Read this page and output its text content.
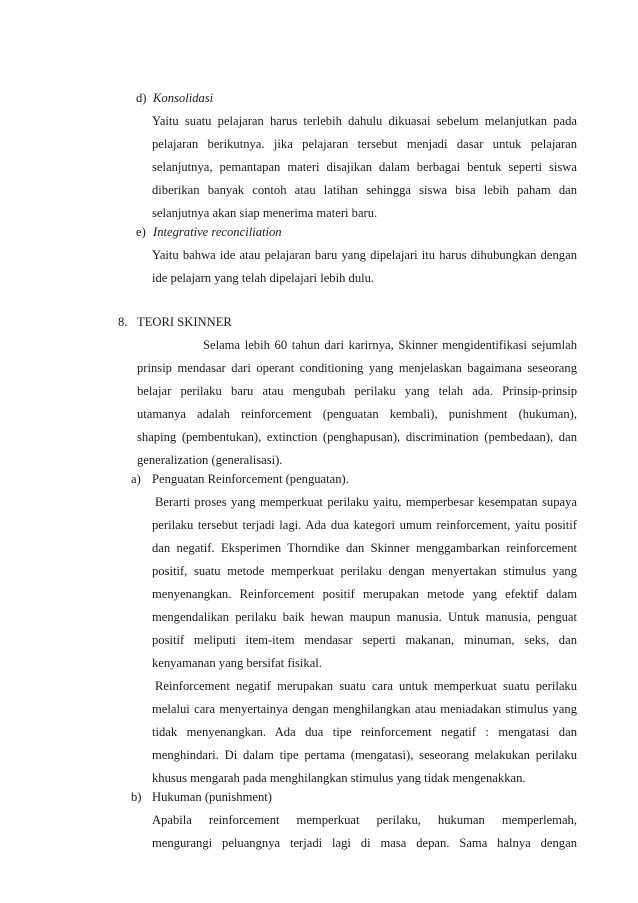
d) Konsolidasi
Yaitu suatu pelajaran harus terlebih dahulu dikuasai sebelum melanjutkan pada
pelajaran berikutnya. jika pelajaran tersebut menjadi dasar untuk pelajaran
selanjutnya, pemantapan materi disajikan dalam berbagai bentuk seperti siswa
diberikan banyak contoh atau latihan sehingga siswa bisa lebih paham dan
selanjutnya akan siap menerima materi baru.
e) Integrative reconciliation
Yaitu bahwa ide atau pelajaran baru yang dipelajari itu harus dihubungkan dengan
ide pelajarn yang telah dipelajari lebih dulu.
8. TEORI SKINNER
Selama lebih 60 tahun dari karirnya, Skinner mengidentifikasi sejumlah
prinsip mendasar dari operant conditioning yang menjelaskan bagaimana seseorang
belajar perilaku baru atau mengubah perilaku yang telah ada. Prinsip-prinsip
utamanya adalah reinforcement (penguatan kembali), punishment (hukuman),
shaping (pembentukan), extinction (penghapusan), discrimination (pembedaan), dan
generalization (generalisasi).
a) Penguatan Reinforcement (penguatan).
Berarti proses yang memperkuat perilaku yaitu, memperbesar kesempatan supaya
perilaku tersebut terjadi lagi. Ada dua kategori umum reinforcement, yaitu positif
dan negatif. Eksperimen Thorndike dan Skinner menggambarkan reinforcement
positif, suatu metode memperkuat perilaku dengan menyertakan stimulus yang
menyenangkan. Reinforcement positif merupakan metode yang efektif dalam
mengendalikan perilaku baik hewan maupun manusia. Untuk manusia, penguat
positif meliputi item-item mendasar seperti makanan, minuman, seks, dan
kenyamanan yang bersifat fisikal.
Reinforcement negatif merupakan suatu cara untuk memperkuat suatu perilaku
melalui cara menyertainya dengan menghilangkan atau meniadakan stimulus yang
tidak menyenangkan. Ada dua tipe reinforcement negatif : mengatasi dan
menghindari. Di dalam tipe pertama (mengatasi), seseorang melakukan perilaku
khusus mengarah pada menghilangkan stimulus yang tidak mengenakkan.
b) Hukuman (punishment)
Apabila reinforcement memperkuat perilaku, hukuman memperlemah,
mengurangi peluangnya terjadi lagi di masa depan. Sama halnya dengan
